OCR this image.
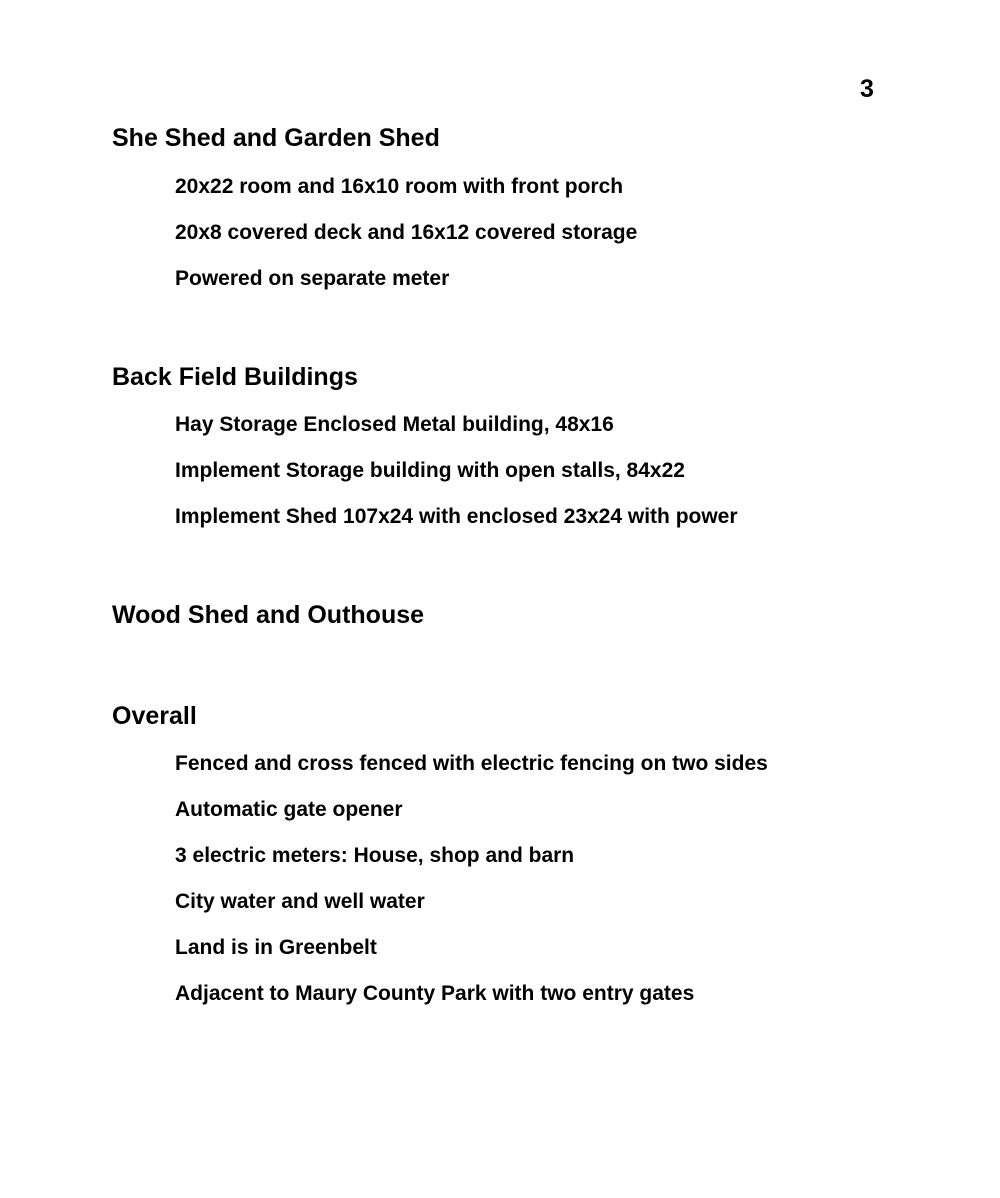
3
She Shed and Garden Shed
20x22 room and 16x10 room with front porch
20x8 covered deck and 16x12 covered storage
Powered on separate meter
Back Field Buildings
Hay Storage Enclosed Metal building, 48x16
Implement Storage building with open stalls, 84x22
Implement Shed 107x24 with enclosed 23x24 with power
Wood Shed and Outhouse
Overall
Fenced and cross fenced with electric fencing on two sides
Automatic gate opener
3 electric meters: House, shop and barn
City water and well water
Land is in Greenbelt
Adjacent to Maury County Park with two entry gates
